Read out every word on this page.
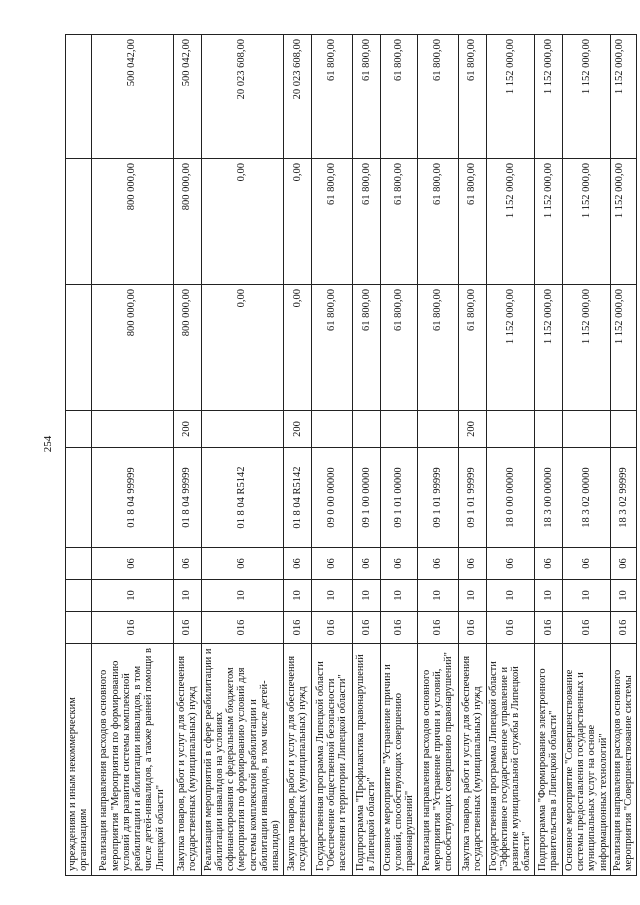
254
учреждениям и иным некоммерческим организациям								
Реализация направления расходов основного мероприятия "Мероприятия по формированию условий для развития системы комплексной реабилитации и абилитации инвалидов, в том числе детей-инвалидов, а также ранней помощи в Липецкой области"	016	10	06	01 8 04 99999		800 000,00	800 000,00	500 042,00
Закупка товаров, работ и услуг для обеспечения государственных (муниципальных) нужд	016	10	06	01 8 04 99999	200	800 000,00	800 000,00	500 042,00
Реализация мероприятий в сфере реабилитации и абилитации инвалидов на условиях софинансирования с федеральным бюджетом (мероприятия по формированию условий для системы комплексной реабилитации и абилитации инвалидов, в том числе детей-инвалидов)	016	10	06	01 8 04 R5142		0,00	0,00	20 023 608,00
Закупка товаров, работ и услуг для обеспечения государственных (муниципальных) нужд	016	10	06	01 8 04 R5142	200	0,00	0,00	20 023 608,00
Государственная программа Липецкой области "Обеспечение общественной безопасности населения и территории Липецкой области"	016	10	06	09 0 00 00000		61 800,00	61 800,00	61 800,00
Подпрограмма "Профилактика правонарушений в Липецкой области"	016	10	06	09 1 00 00000		61 800,00	61 800,00	61 800,00
Основное мероприятие "Устранение причин и условий, способствующих совершению правонарушений"	016	10	06	09 1 01 00000		61 800,00	61 800,00	61 800,00
Реализация направления расходов основного мероприятия "Устранение причин и условий, способствующих совершению правонарушений"	016	10	06	09 1 01 99999		61 800,00	61 800,00	61 800,00
Закупка товаров, работ и услуг для обеспечения государственных (муниципальных) нужд	016	10	06	09 1 01 99999	200	61 800,00	61 800,00	61 800,00
Государственная программа Липецкой области "Эффективное государственное управление и развитие муниципальной службы в Липецкой области"	016	10	06	18 0 00 00000		1 152 000,00	1 152 000,00	1 152 000,00
Подпрограмма "Формирование электронного правительства в Липецкой области"	016	10	06	18 3 00 00000		1 152 000,00	1 152 000,00	1 152 000,00
Основное мероприятие "Совершенствование системы предоставления государственных и муниципальных услуг на основе информационных технологий"	016	10	06	18 3 02 00000		1 152 000,00	1 152 000,00	1 152 000,00
Реализация направления расходов основного мероприятия "Совершенствование системы	016	10	06	18 3 02 99999		1 152 000,00	1 152 000,00	1 152 000,00
